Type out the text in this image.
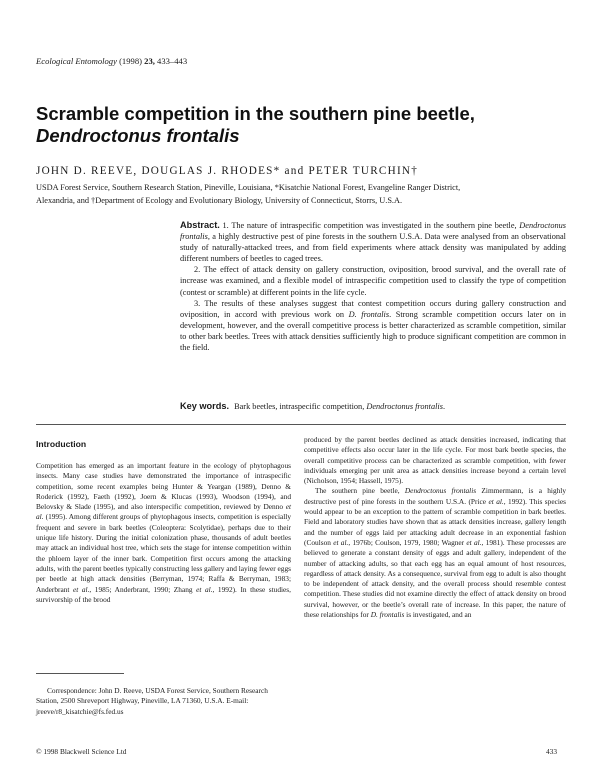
Ecological Entomology (1998) 23, 433–443
Scramble competition in the southern pine beetle,
Dendroctonus frontalis
JOHN D. REEVE, DOUGLAS J. RHODES* and PETER TURCHIN†
USDA Forest Service, Southern Research Station, Pineville, Louisiana, *Kisatchie National Forest, Evangeline Ranger District,
Alexandria, and †Department of Ecology and Evolutionary Biology, University of Connecticut, Storrs, U.S.A.

Abstract. 1. The nature of intraspecific competition was investigated in the southern pine beetle, Dendroctonus frontalis, a highly destructive pest of pine forests in the southern U.S.A. Data were analysed from an observational study of naturally-attacked trees, and from field experiments where attack density was manipulated by adding different numbers of beetles to caged trees.

2. The effect of attack density on gallery construction, oviposition, brood survival, and the overall rate of increase was examined, and a flexible model of intraspecific competition used to classify the type of competition (contest or scramble) at different points in the life cycle.

3. The results of these analyses suggest that contest competition occurs during gallery construction and oviposition, in accord with previous work on D. frontalis. Strong scramble competition occurs later on in development, however, and the overall competitive process is better characterized as scramble competition, similar to other bark beetles. Trees with attack densities sufficiently high to produce significant competition are common in the field.

Key words. Bark beetles, intraspecific competition, Dendroctonus frontalis.
Introduction

Competition has emerged as an important feature in the ecology of phytophagous insects. Many case studies have demonstrated the importance of intraspecific competition, some recent examples being Hunter & Yeargan (1989), Denno & Roderick (1992), Faeth (1992), Joern & Klucas (1993), Woodson (1994), and Belovsky & Slade (1995), and also interspecific competition, reviewed by Denno et al. (1995). Among different groups of phytophagous insects, competition is especially frequent and severe in bark beetles (Coleoptera: Scolytidae), perhaps due to their unique life history. During the initial colonization phase, thousands of adult beetles may attack an individual host tree, which sets the stage for intense competition within the phloem layer of the inner bark. Competition first occurs among the attacking adults, with the parent beetles typically constructing less gallery and laying fewer eggs per beetle at high attack densities (Berryman, 1974; Raffa & Berryman, 1983; Anderbrant et al., 1985; Anderbrant, 1990; Zhang et al., 1992). In these studies, survivorship of the brood

produced by the parent beetles declined as attack densities increased, indicating that competitive effects also occur later in the life cycle. For most bark beetle species, the overall competitive process can be characterized as scramble competition, with fewer individuals emerging per unit area as attack densities increase beyond a certain level (Nicholson, 1954; Hassell, 1975).

The southern pine beetle, Dendroctonus frontalis Zimmermann, is a highly destructive pest of pine forests in the southern U.S.A. (Price et al., 1992). This species would appear to be an exception to the pattern of scramble competition in bark beetles. Field and laboratory studies have shown that as attack densities increase, gallery length and the number of eggs laid per attacking adult decrease in an exponential fashion (Coulson et al., 1976b; Coulson, 1979, 1980; Wagner et al., 1981). These processes are believed to generate a constant density of eggs and adult gallery, independent of the number of attacking adults, so that each egg has an equal amount of host resources, regardless of attack density. As a consequence, survival from egg to adult is also thought to be independent of attack density, and the overall process should resemble contest competition. These studies did not examine directly the effect of attack density on brood survival, however, or the beetle’s overall rate of increase. In this paper, the nature of these relationships for D. frontalis is investigated, and an

Correspondence: John D. Reeve, USDA Forest Service, Southern Research Station, 2500 Shreveport Highway, Pineville, LA 71360, U.S.A. E-mail: jreeve/r8_kisatchie@fs.fed.us

© 1998 Blackwell Science Ltd	433
